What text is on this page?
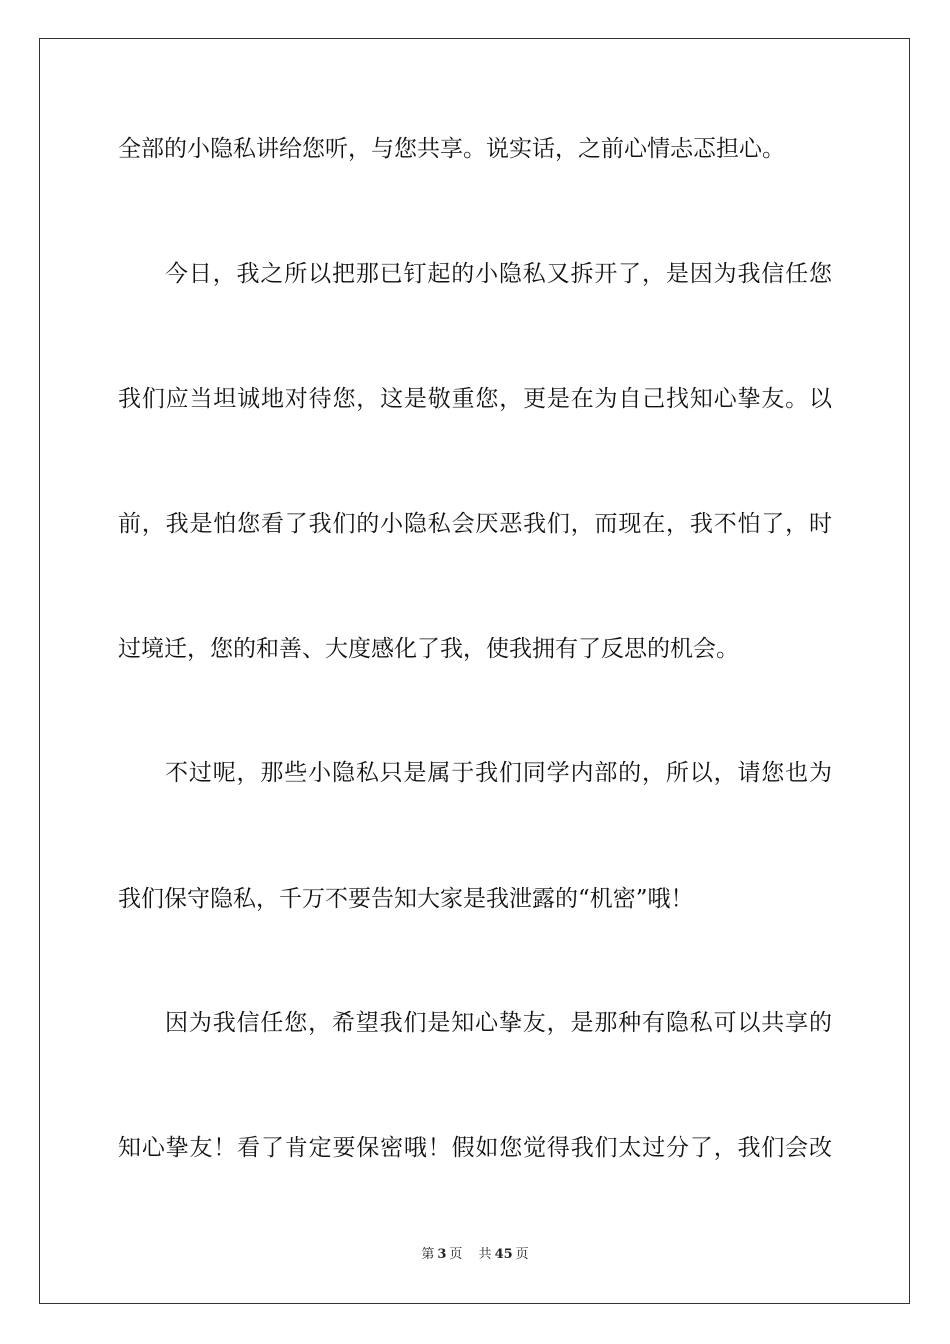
全部的小隐私讲给您听，与您共享。说实话，之前心情忐忑担心。
今日，我之所以把那已钉起的小隐私又拆开了，是因为我信任您
我们应当坦诚地对待您，这是敬重您，更是在为自己找知心挚友。以
前，我是怕您看了我们的小隐私会厌恶我们，而现在，我不怕了，时
过境迁，您的和善、大度感化了我，使我拥有了反思的机会。
不过呢，那些小隐私只是属于我们同学内部的，所以，请您也为
我们保守隐私，千万不要告知大家是我泄露的“机密”哦！
因为我信任您，希望我们是知心挚友，是那种有隐私可以共享的
知心挚友！看了肯定要保密哦！假如您觉得我们太过分了，我们会改
第 3 页 共 45 页
